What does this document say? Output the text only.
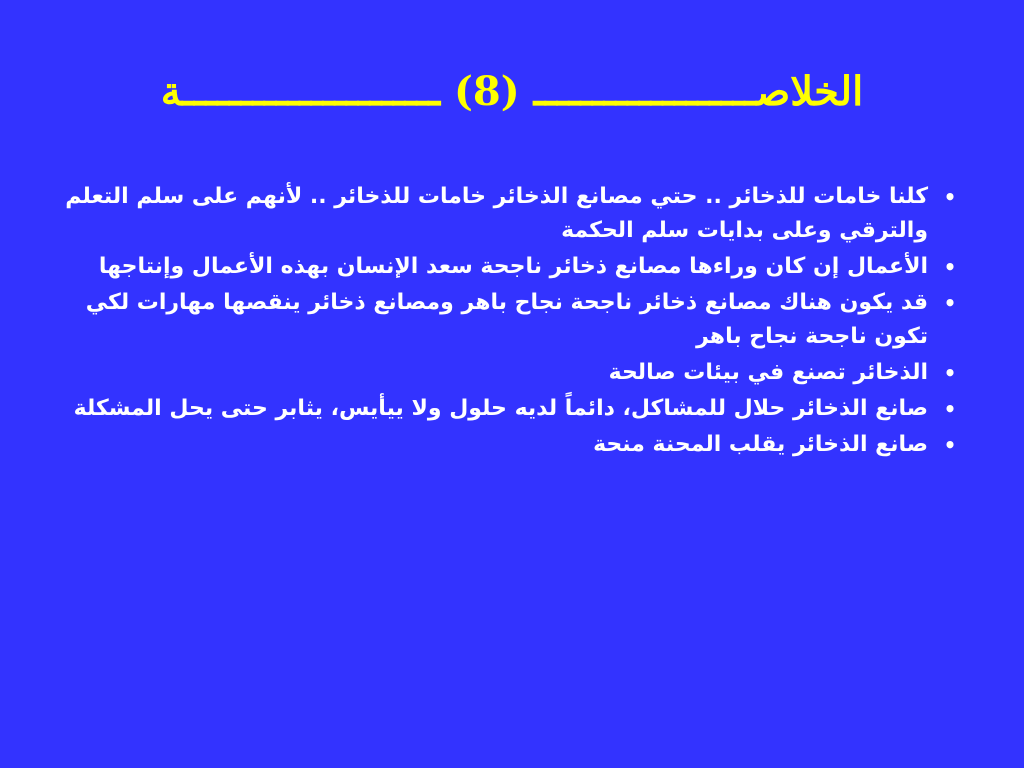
الخلاصـــــــــــــــــــ (8) ــــــــــــــــــــــة
•
كلنا خامات للذخائر .. حتي مصانع الذخائر خامات للذخائر .. لأنهم على سلم التعلم والترقي وعلى بدايات سلم الحكمة
•
الأعمال إن كان وراءها مصانع ذخائر ناجحة سعد الإنسان بهذه الأعمال وإنتاجها
•
قد يكون هناك مصانع ذخائر ناجحة نجاح باهر ومصانع ذخائر ينقصها مهارات لكي تكون ناجحة نجاح باهر
•
الذخائر تصنع في بيئات صالحة
•
صانع الذخائر حلال للمشاكل، دائماً لديه حلول ولا ييأيس، يثابر حتى يحل المشكلة
•
صانع الذخائر يقلب المحنة منحة
